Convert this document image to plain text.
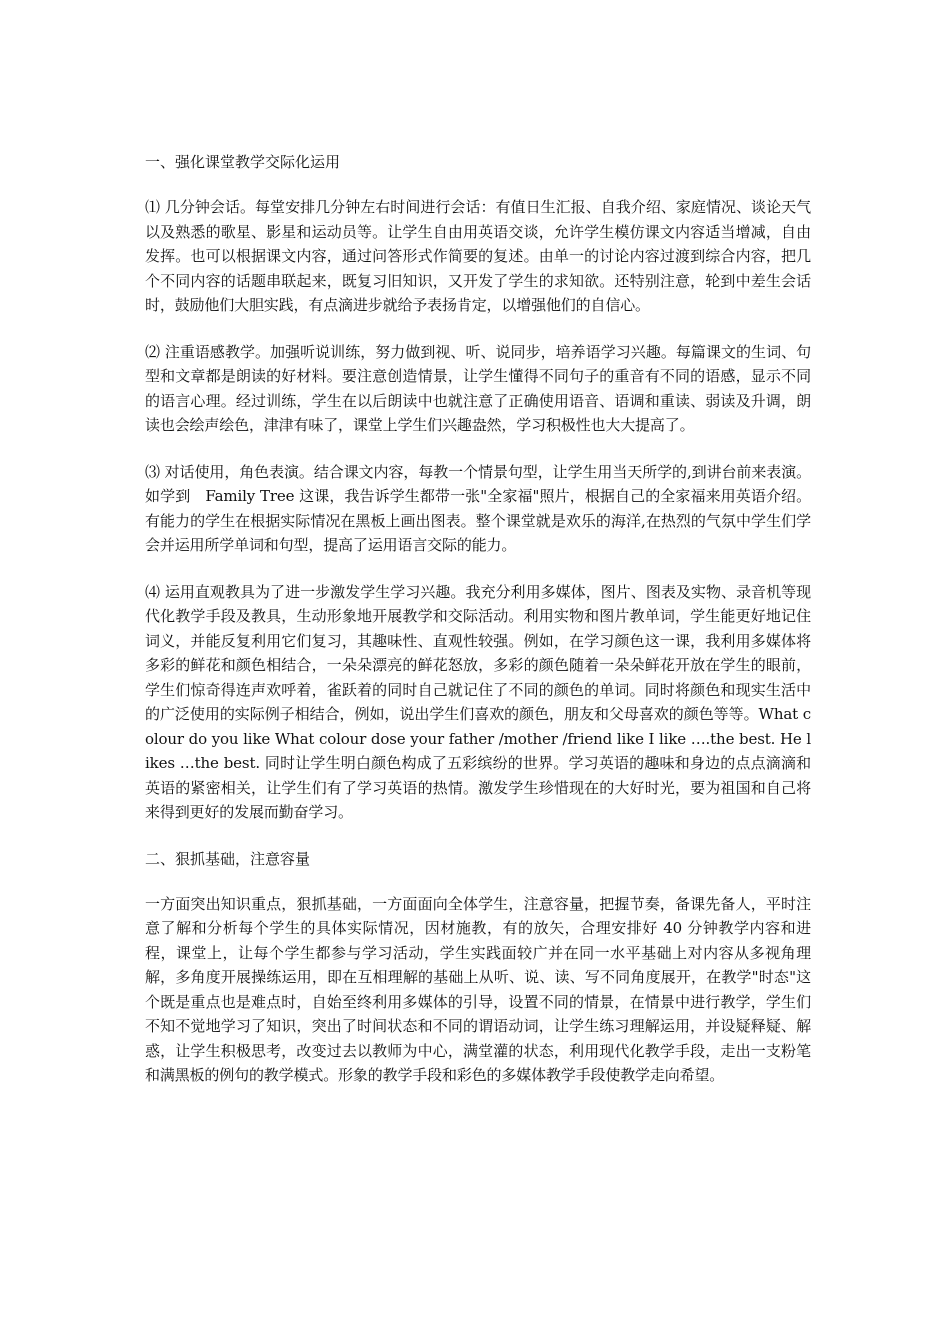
一、强化课堂教学交际化运用

⑴ 几分钟会话。每堂安排几分钟左右时间进行会话：有值日生汇报、自我介绍、家庭情况、谈论天气以及熟悉的歌星、影星和运动员等。让学生自由用英语交谈，允许学生模仿课文内容适当增减，自由发挥。也可以根据课文内容，通过问答形式作简要的复述。由单一的讨论内容过渡到综合内容，把几个不同内容的话题串联起来，既复习旧知识，又开发了学生的求知欲。还特别注意，轮到中差生会话时，鼓励他们大胆实践，有点滴进步就给予表扬肯定，以增强他们的自信心。

⑵ 注重语感教学。加强听说训练，努力做到视、听、说同步，培养语学习兴趣。每篇课文的生词、句型和文章都是朗读的好材料。要注意创造情景，让学生懂得不同句子的重音有不同的语感，显示不同的语言心理。经过训练，学生在以后朗读中也就注意了正确使用语音、语调和重读、弱读及升调，朗读也会绘声绘色，津津有味了，课堂上学生们兴趣盎然，学习积极性也大大提高了。

⑶ 对话使用，角色表演。结合课文内容，每教一个情景句型，让学生用当天所学的,到讲台前来表演。如学到　Family Tree 这课，我告诉学生都带一张"全家福"照片，根据自己的全家福来用英语介绍。有能力的学生在根据实际情况在黑板上画出图表。整个课堂就是欢乐的海洋,在热烈的气氛中学生们学会并运用所学单词和句型，提高了运用语言交际的能力。

⑷ 运用直观教具为了进一步激发学生学习兴趣。我充分利用多媒体，图片、图表及实物、录音机等现代化教学手段及教具，生动形象地开展教学和交际活动。利用实物和图片教单词，学生能更好地记住词义，并能反复利用它们复习，其趣味性、直观性较强。例如，在学习颜色这一课，我利用多媒体将多彩的鲜花和颜色相结合，一朵朵漂亮的鲜花怒放，多彩的颜色随着一朵朵鲜花开放在学生的眼前，学生们惊奇得连声欢呼着，雀跃着的同时自己就记住了不同的颜色的单词。同时将颜色和现实生活中的广泛使用的实际例子相结合，例如，说出学生们喜欢的颜色，朋友和父母喜欢的颜色等等。What colour do you like What colour dose your father /mother /friend like I like ….the best. He likes …the best. 同时让学生明白颜色构成了五彩缤纷的世界。学习英语的趣味和身边的点点滴滴和英语的紧密相关，让学生们有了学习英语的热情。激发学生珍惜现在的大好时光，要为祖国和自己将来得到更好的发展而勤奋学习。

二、狠抓基础，注意容量

一方面突出知识重点，狠抓基础，一方面面向全体学生，注意容量，把握节奏，备课先备人，平时注意了解和分析每个学生的具体实际情况，因材施教，有的放矢，合理安排好 40 分钟教学内容和进程，课堂上，让每个学生都参与学习活动，学生实践面较广并在同一水平基础上对内容从多视角理解，多角度开展操练运用，即在互相理解的基础上从听、说、读、写不同角度展开，在教学"时态"这个既是重点也是难点时，自始至终利用多媒体的引导，设置不同的情景，在情景中进行教学，学生们不知不觉地学习了知识，突出了时间状态和不同的谓语动词，让学生练习理解运用，并设疑释疑、解惑，让学生积极思考，改变过去以教师为中心，满堂灌的状态，利用现代化教学手段，走出一支粉笔和满黑板的例句的教学模式。形象的教学手段和彩色的多媒体教学手段使教学走向希望。
